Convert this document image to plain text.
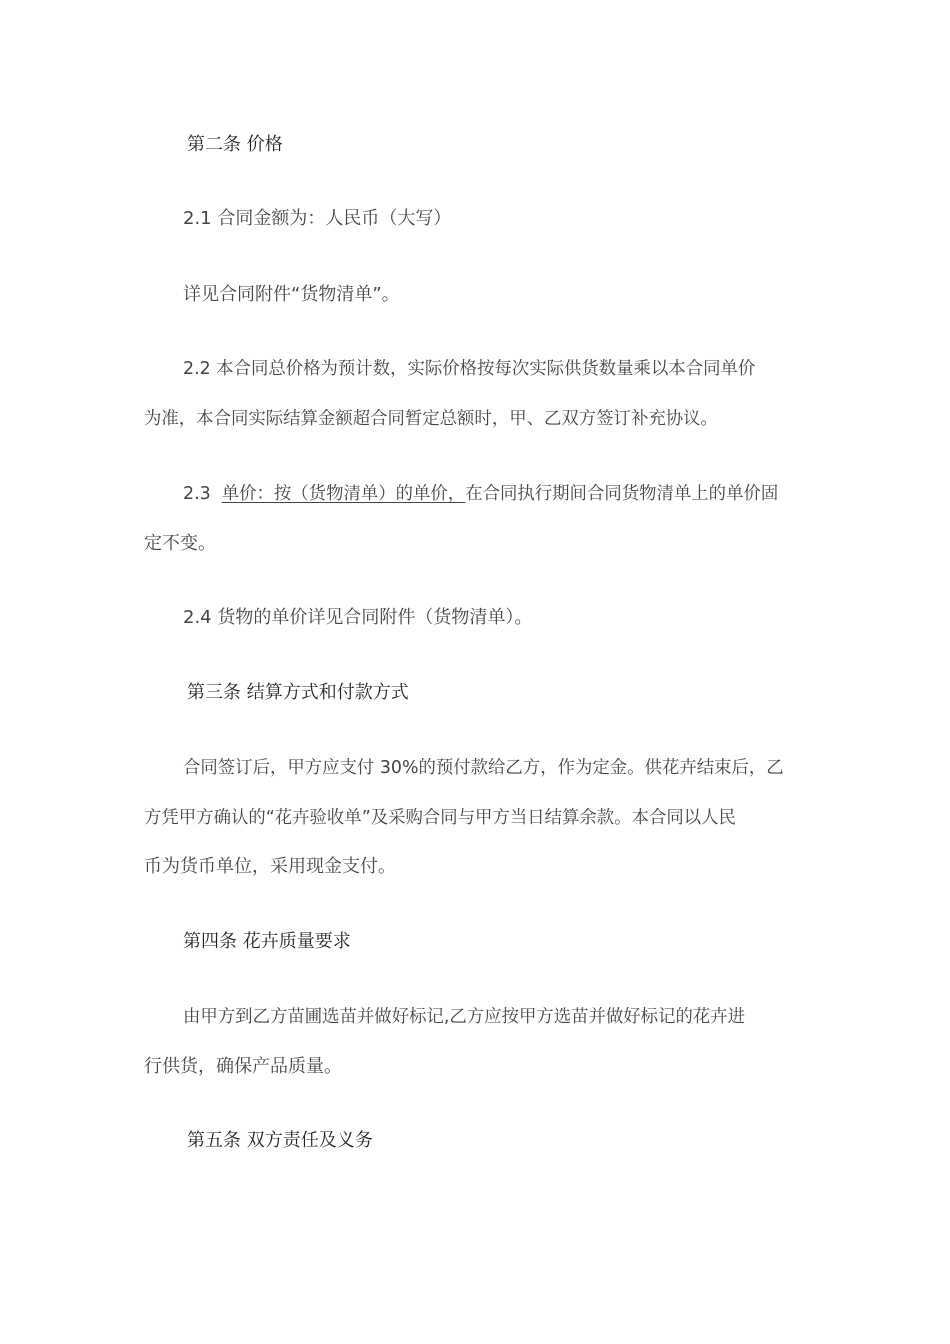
第二条 价格
2.1 合同金额为：人民币（大写）
详见合同附件“货物清单”。
2.2 本合同总价格为预计数，实际价格按每次实际供货数量乘以本合同单价
为准，本合同实际结算金额超合同暂定总额时，甲、乙双方签订补充协议。
2.3  单价：按（货物清单）的单价，在合同执行期间合同货物清单上的单价固
定不变。
2.4 货物的单价详见合同附件（货物清单）。
第三条 结算方式和付款方式
合同签订后，甲方应支付 30%的预付款给乙方，作为定金。供花卉结束后，乙
方凭甲方确认的“花卉验收单”及采购合同与甲方当日结算余款。本合同以人民
币为货币单位，采用现金支付。
第四条 花卉质量要求
由甲方到乙方苗圃选苗并做好标记,乙方应按甲方选苗并做好标记的花卉进
行供货，确保产品质量。
第五条 双方责任及义务
